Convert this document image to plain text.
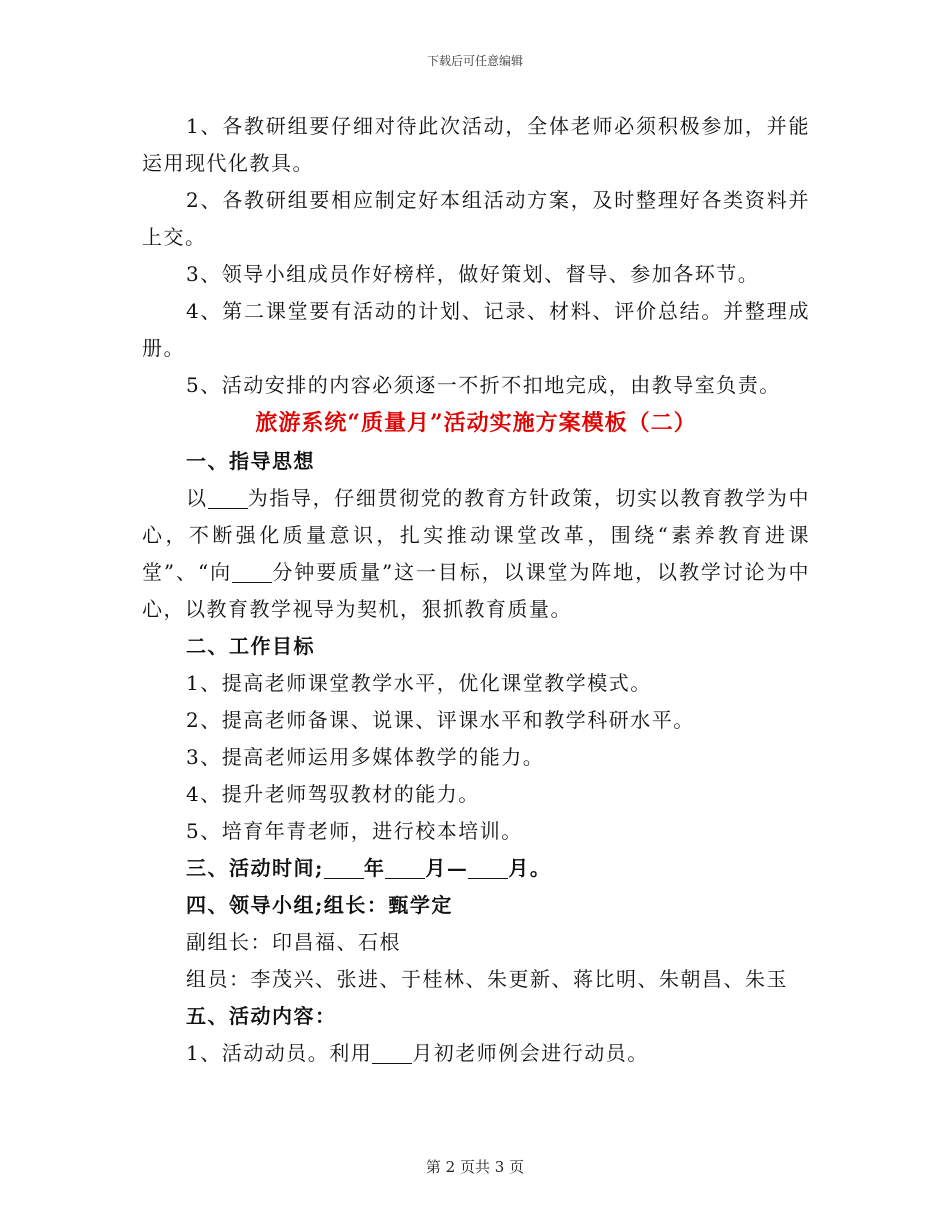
下载后可任意编辑

1、各教研组要仔细对待此次活动，全体老师必须积极参加，并能运用现代化教具。

2、各教研组要相应制定好本组活动方案，及时整理好各类资料并上交。

3、领导小组成员作好榜样，做好策划、督导、参加各环节。

4、第二课堂要有活动的计划、记录、材料、评价总结。并整理成册。

5、活动安排的内容必须逐一不折不扣地完成，由教导室负责。

旅游系统“质量月”活动实施方案模板（二）

一、指导思想

以 为指导，仔细贯彻党的教育方针政策，切实以教育教学为中心，不断强化质量意识，扎实推动课堂改革，围绕“素养教育进课堂”、“向 分钟要质量”这一目标，以课堂为阵地，以教学讨论为中心，以教育教学视导为契机，狠抓教育质量。

二、工作目标

1、提高老师课堂教学水平，优化课堂教学模式。

2、提高老师备课、说课、评课水平和教学科研水平。

3、提高老师运用多媒体教学的能力。

4、提升老师驾驭教材的能力。

5、培育年青老师，进行校本培训。

三、活动时间; 年 月— 月。

四、领导小组;组长：甄学定

副组长：印昌福、石根

组员：李茂兴、张进、于桂林、朱更新、蒋比明、朱朝昌、朱玉

五、活动内容：

1、活动动员。利用 月初老师例会进行动员。

第 2 页共 3 页
